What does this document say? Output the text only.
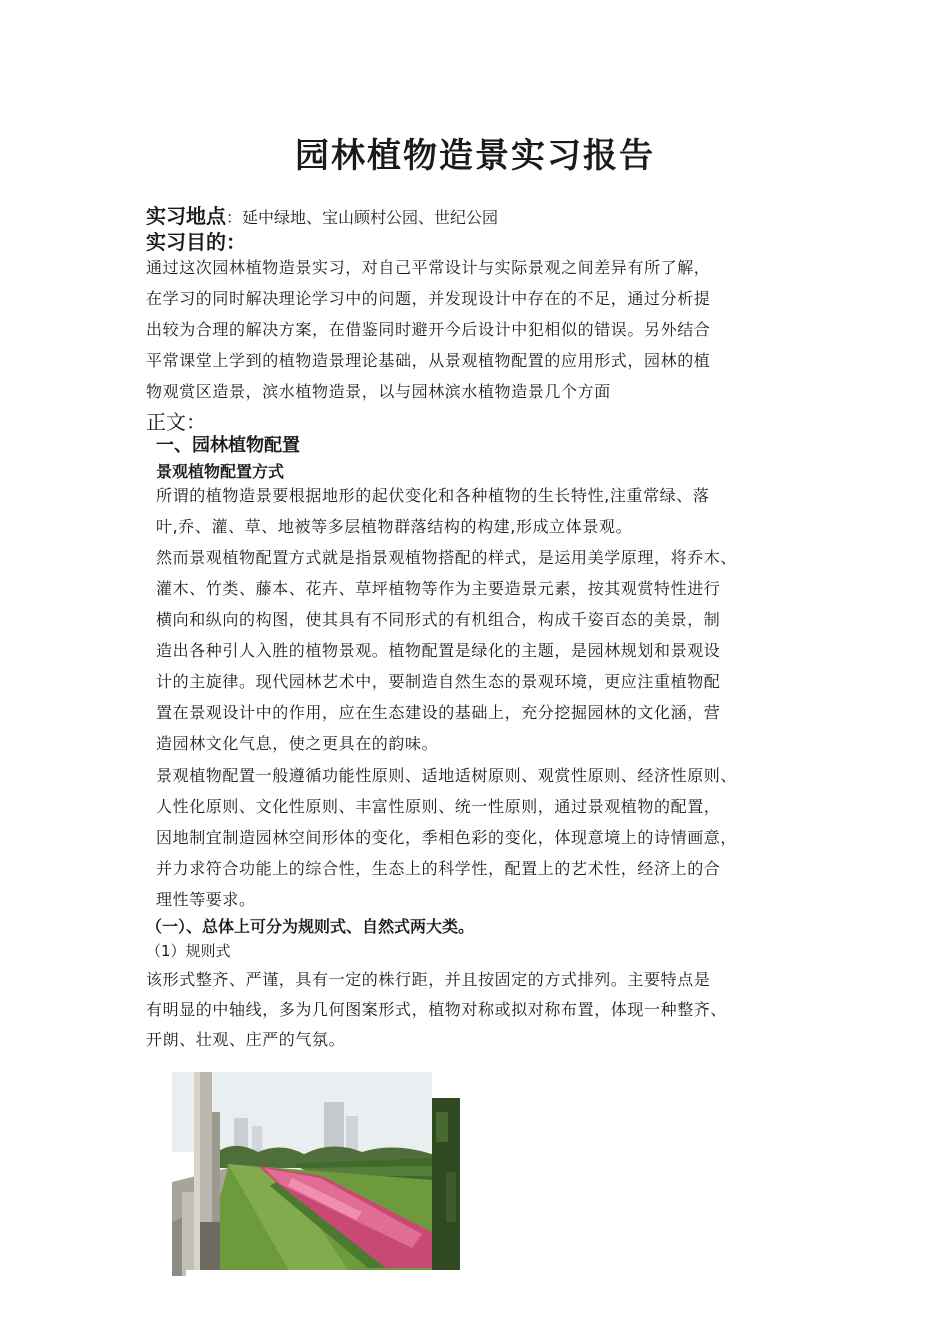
园林植物造景实习报告
实习地点：延中绿地、宝山顾村公园、世纪公园
实习目的：
通过这次园林植物造景实习，对自己平常设计与实际景观之间差异有所了解，
在学习的同时解决理论学习中的问题，并发现设计中存在的不足，通过分析提
出较为合理的解决方案，在借鉴同时避开今后设计中犯相似的错误。另外结合
平常课堂上学到的植物造景理论基础，从景观植物配置的应用形式，园林的植
物观赏区造景，滨水植物造景，以与园林滨水植物造景几个方面
正文：
一、园林植物配置
景观植物配置方式
所谓的植物造景要根据地形的起伏变化和各种植物的生长特性,注重常绿、落
叶,乔、灌、草、地被等多层植物群落结构的构建,形成立体景观。
然而景观植物配置方式就是指景观植物搭配的样式，是运用美学原理，将乔木、
灌木、竹类、藤本、花卉、草坪植物等作为主要造景元素，按其观赏特性进行
横向和纵向的构图，使其具有不同形式的有机组合，构成千姿百态的美景，制
造出各种引人入胜的植物景观。植物配置是绿化的主题，是园林规划和景观设
计的主旋律。现代园林艺术中，要制造自然生态的景观环境，更应注重植物配
置在景观设计中的作用，应在生态建设的基础上，充分挖掘园林的文化涵，营
造园林文化气息，使之更具在的韵味。
景观植物配置一般遵循功能性原则、适地适树原则、观赏性原则、经济性原则、
人性化原则、文化性原则、丰富性原则、统一性原则，通过景观植物的配置，
因地制宜制造园林空间形体的变化，季相色彩的变化，体现意境上的诗情画意，
并力求符合功能上的综合性，生态上的科学性，配置上的艺术性，经济上的合
理性等要求。
（一）、总体上可分为规则式、自然式两大类。
（1）规则式
该形式整齐、严谨，具有一定的株行距，并且按固定的方式排列。主要特点是
有明显的中轴线，多为几何图案形式，植物对称或拟对称布置，体现一种整齐、
开朗、壮观、庄严的气氛。
